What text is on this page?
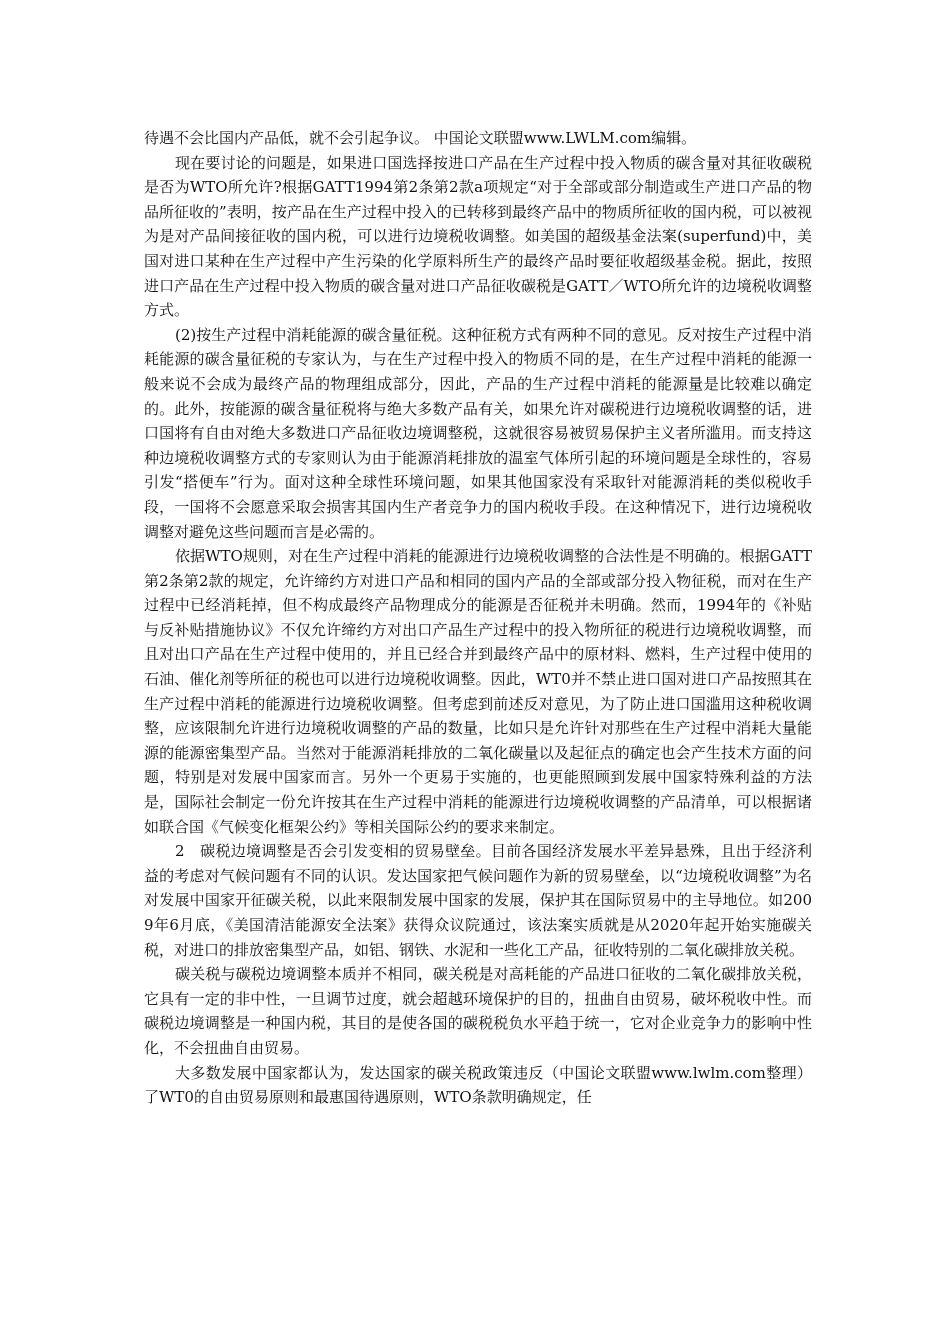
待遇不会比国内产品低，就不会引起争议。 中国论文联盟www.LWLM.com编辑。

现在要讨论的问题是，如果进口国选择按进口产品在生产过程中投入物质的碳含量对其征收碳税是否为WTO所允许?根据GATT1994第2条第2款a项规定“对于全部或部分制造或生产进口产品的物品所征收的”表明，按产品在生产过程中投入的已转移到最终产品中的物质所征收的国内税，可以被视为是对产品间接征收的国内税，可以进行边境税收调整。如美国的超级基金法案(superfund)中，美国对进口某种在生产过程中产生污染的化学原料所生产的最终产品时要征收超级基金税。据此，按照进口产品在生产过程中投入物质的碳含量对进口产品征收碳税是GATT／WTO所允许的边境税收调整方式。

(2)按生产过程中消耗能源的碳含量征税。这种征税方式有两种不同的意见。反对按生产过程中消耗能源的碳含量征税的专家认为，与在生产过程中投入的物质不同的是，在生产过程中消耗的能源一般来说不会成为最终产品的物理组成部分，因此，产品的生产过程中消耗的能源量是比较难以确定的。此外，按能源的碳含量征税将与绝大多数产品有关，如果允许对碳税进行边境税收调整的话，进口国将有自由对绝大多数进口产品征收边境调整税，这就很容易被贸易保护主义者所滥用。而支持这种边境税收调整方式的专家则认为由于能源消耗排放的温室气体所引起的环境问题是全球性的，容易引发“搭便车”行为。面对这种全球性环境问题，如果其他国家没有采取针对能源消耗的类似税收手段，一国将不会愿意采取会损害其国内生产者竞争力的国内税收手段。在这种情况下，进行边境税收调整对避免这些问题而言是必需的。

依据WTO规则，对在生产过程中消耗的能源进行边境税收调整的合法性是不明确的。根据GATT第2条第2款的规定，允许缔约方对进口产品和相同的国内产品的全部或部分投入物征税，而对在生产过程中已经消耗掉，但不构成最终产品物理成分的能源是否征税并未明确。然而，1994年的《补贴与反补贴措施协议》不仅允许缔约方对出口产品生产过程中的投入物所征的税进行边境税收调整，而且对出口产品在生产过程中使用的，并且已经合并到最终产品中的原材料、燃料，生产过程中使用的石油、催化剂等所征的税也可以进行边境税收调整。因此，WT0并不禁止进口国对进口产品按照其在生产过程中消耗的能源进行边境税收调整。但考虑到前述反对意见，为了防止进口国滥用这种税收调整，应该限制允许进行边境税收调整的产品的数量，比如只是允许针对那些在生产过程中消耗大量能源的能源密集型产品。当然对于能源消耗排放的二氧化碳量以及起征点的确定也会产生技术方面的问题，特别是对发展中国家而言。另外一个更易于实施的，也更能照顾到发展中国家特殊利益的方法是，国际社会制定一份允许按其在生产过程中消耗的能源进行边境税收调整的产品清单，可以根据诸如联合国《气候变化框架公约》等相关国际公约的要求来制定。

2　碳税边境调整是否会引发变相的贸易壁垒。目前各国经济发展水平差异悬殊，且出于经济利益的考虑对气候问题有不同的认识。发达国家把气候问题作为新的贸易壁垒，以“边境税收调整”为名对发展中国家开征碳关税，以此来限制发展中国家的发展，保护其在国际贸易中的主导地位。如2009年6月底，《美国清洁能源安全法案》获得众议院通过，该法案实质就是从2020年起开始实施碳关税，对进口的排放密集型产品，如铝、钢铁、水泥和一些化工产品，征收特别的二氧化碳排放关税。

碳关税与碳税边境调整本质并不相同，碳关税是对高耗能的产品进口征收的二氧化碳排放关税，它具有一定的非中性，一旦调节过度，就会超越环境保护的目的，扭曲自由贸易，破坏税收中性。而碳税边境调整是一种国内税，其目的是使各国的碳税税负水平趋于统一，它对企业竞争力的影响中性化，不会扭曲自由贸易。

大多数发展中国家都认为，发达国家的碳关税政策违反（中国论文联盟www.lwlm.com整理）了WT0的自由贸易原则和最惠国待遇原则，WTO条款明确规定，任
